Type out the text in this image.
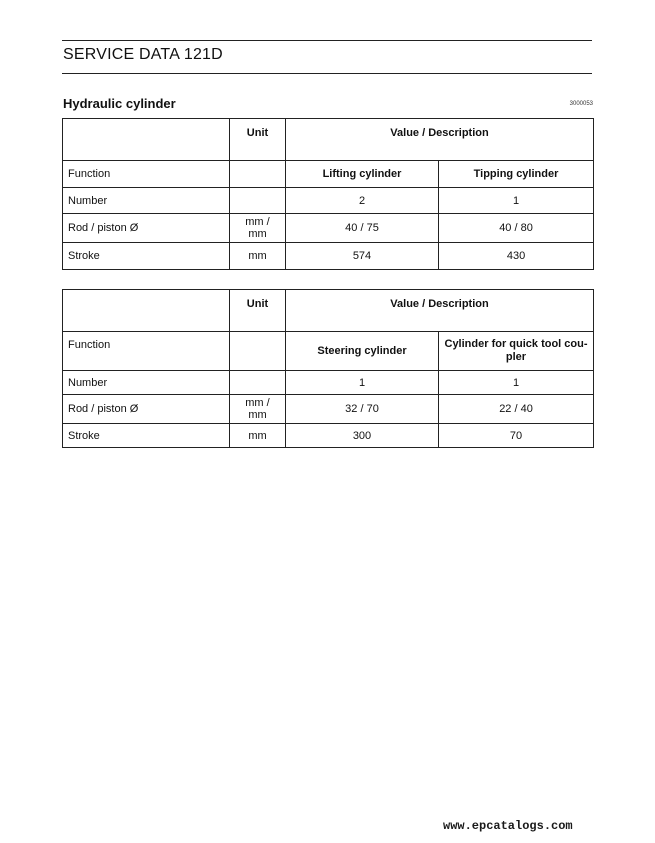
SERVICE DATA 121D
Hydraulic cylinder	3000053
	Unit	Value / Description	
Function		Lifting cylinder	Tipping cylinder
Number		2	1
Rod / piston Ø	mm / mm	40 / 75	40 / 80
Stroke	mm	574	430
	Unit	Value / Description	
Function		Steering cylinder	Cylinder for quick tool coupler
Number		1	1
Rod / piston Ø	mm / mm	32 / 70	22 / 40
Stroke	mm	300	70
www.epcatalogs.com
